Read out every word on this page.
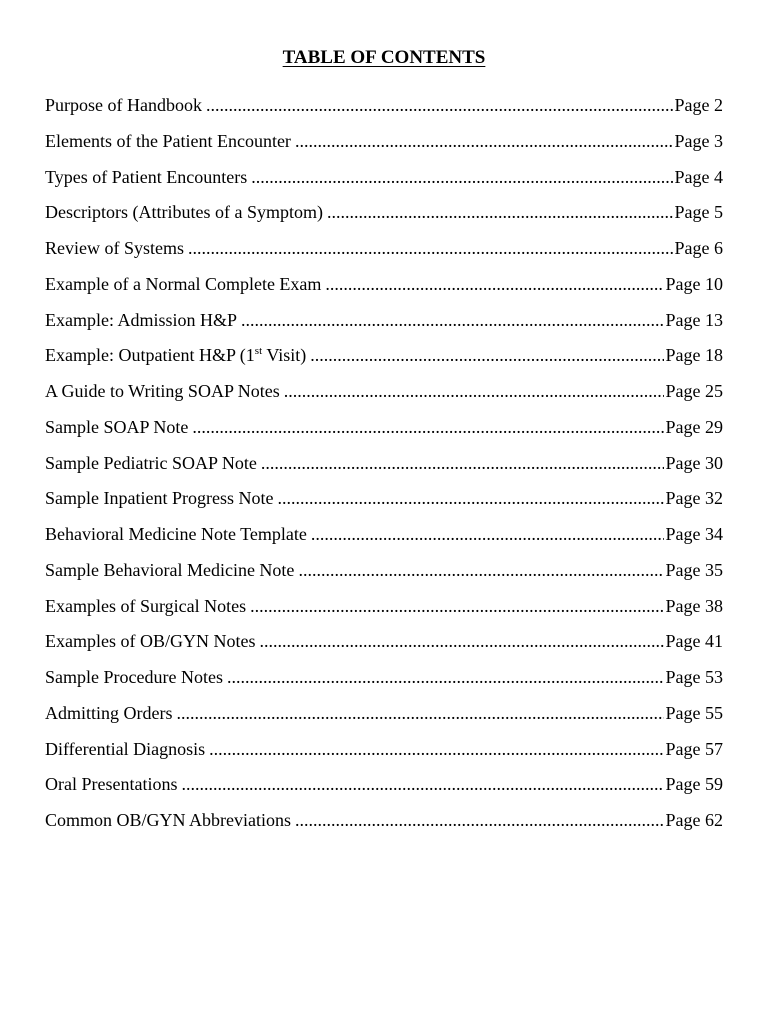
TABLE OF CONTENTS
Purpose of Handbook .....	Page 2
Elements of the Patient Encounter .....	Page 3
Types of Patient Encounters .....	Page 4
Descriptors (Attributes of a Symptom) .....	Page 5
Review of Systems .....	Page 6
Example of a Normal Complete Exam .....	Page 10
Example: Admission H&P .....	Page 13
Example: Outpatient H&P (1st Visit) .....	Page 18
A Guide to Writing SOAP Notes .....	Page 25
Sample SOAP Note .....	Page 29
Sample Pediatric SOAP Note .....	Page 30
Sample Inpatient Progress Note .....	Page 32
Behavioral Medicine Note Template .....	Page 34
Sample Behavioral Medicine Note .....	Page 35
Examples of Surgical Notes .....	Page 38
Examples of OB/GYN Notes .....	Page 41
Sample Procedure Notes .....	Page 53
Admitting Orders .....	Page 55
Differential Diagnosis .....	Page 57
Oral Presentations .....	Page 59
Common OB/GYN Abbreviations .....	Page 62
